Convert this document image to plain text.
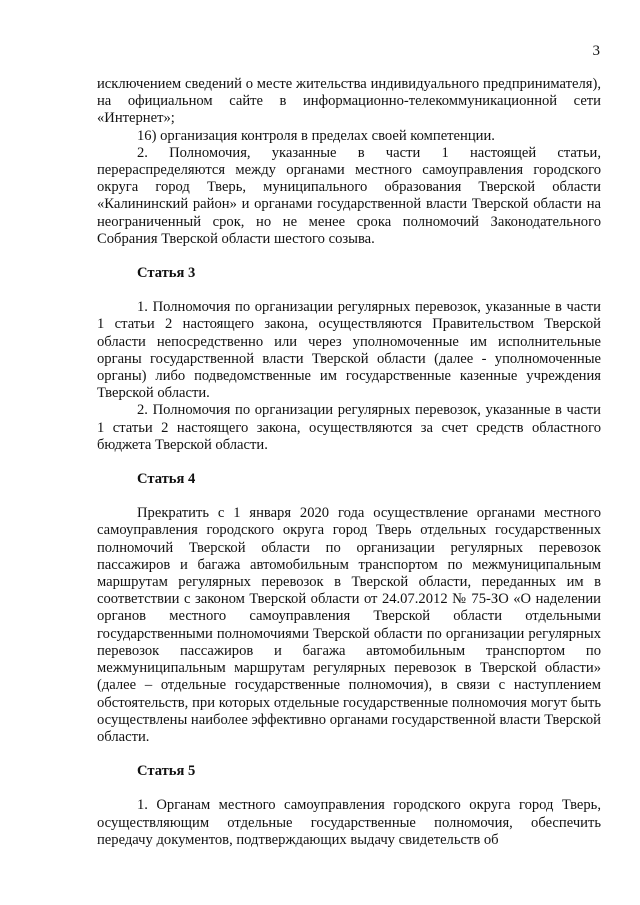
3

исключением сведений о месте жительства индивидуального предпринимателя), на официальном сайте в информационно-телекоммуникационной сети «Интернет»;

16) организация контроля в пределах своей компетенции.

2. Полномочия, указанные в части 1 настоящей статьи, перераспределяются между органами местного самоуправления городского округа город Тверь, муниципального образования Тверской области «Калининский район» и органами государственной власти Тверской области на неограниченный срок, но не менее срока полномочий Законодательного Собрания Тверской области шестого созыва.

Статья 3

1. Полномочия по организации регулярных перевозок, указанные в части 1 статьи 2 настоящего закона, осуществляются Правительством Тверской области непосредственно или через уполномоченные им исполнительные органы государственной власти Тверской области (далее - уполномоченные органы) либо подведомственные им государственные казенные учреждения Тверской области.

2. Полномочия по организации регулярных перевозок, указанные в части 1 статьи 2 настоящего закона, осуществляются за счет средств областного бюджета Тверской области.

Статья 4

Прекратить с 1 января 2020 года осуществление органами местного самоуправления городского округа город Тверь отдельных государственных полномочий Тверской области по организации регулярных перевозок пассажиров и багажа автомобильным транспортом по межмуниципальным маршрутам регулярных перевозок в Тверской области, переданных им в соответствии с законом Тверской области от 24.07.2012 № 75-ЗО «О наделении органов местного самоуправления Тверской области отдельными государственными полномочиями Тверской области по организации регулярных перевозок пассажиров и багажа автомобильным транспортом по межмуниципальным маршрутам регулярных перевозок в Тверской области» (далее – отдельные государственные полномочия), в связи с наступлением обстоятельств, при которых отдельные государственные полномочия могут быть осуществлены наиболее эффективно органами государственной власти Тверской области.

Статья 5

1. Органам местного самоуправления городского округа город Тверь, осуществляющим отдельные государственные полномочия, обеспечить передачу документов, подтверждающих выдачу свидетельств об
